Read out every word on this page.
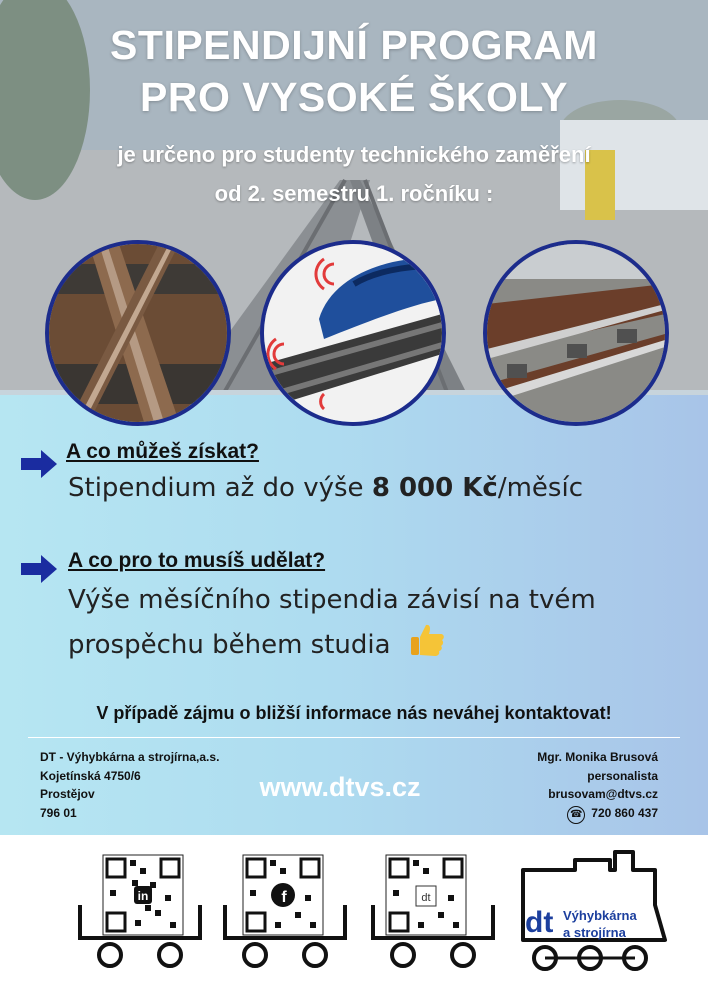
STIPENDIJNÍ PROGRAM
PRO VYSOKÉ ŠKOLY
je určeno pro studenty technického zaměření
od 2. semestru 1. ročníku :
A co můžeš získat?
Stipendium až do výše 8 000 Kč/měsíc
A co pro to musíš udělat?
Výše měsíčního stipendia závisí na tvém
prospěchu během studia
V případě zájmu o bližší informace nás neváhej kontaktovat!
DT - Výhybkárna a strojírna,a.s.
Kojetínská 4750/6
Prostějov
796 01
www.dtvs.cz
Mgr. Monika Brusová
personalista
brusovam@dtvs.cz
☎ 720 860 437
in	f	dt
dt Výhybkárna
a strojírna
